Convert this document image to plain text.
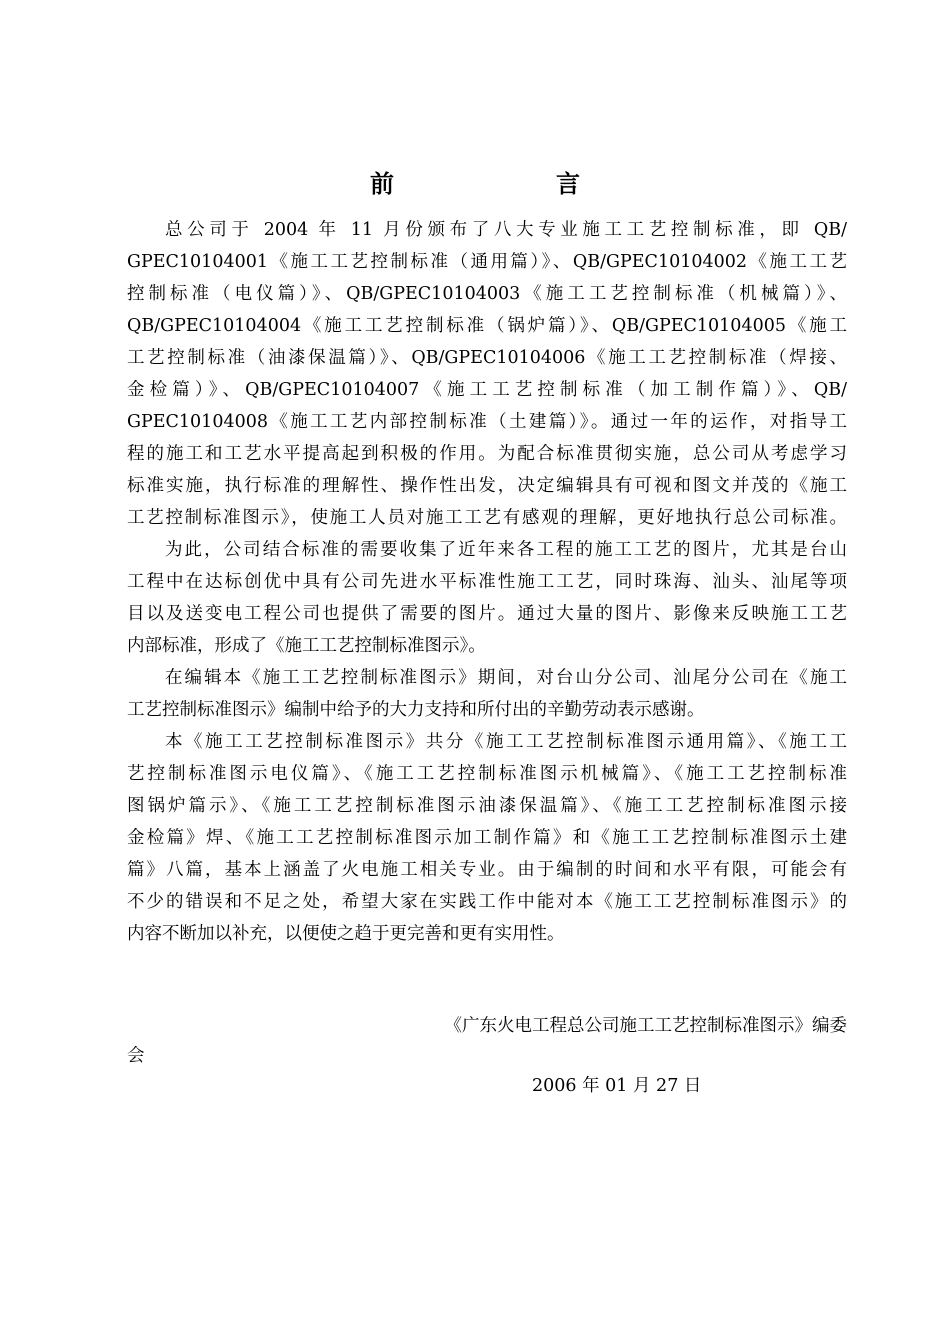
前　　言
总公司于 2004 年 11 月份颁布了八大专业施工工艺控制标准，即 QB/
GPEC10104001《施工工艺控制标准（通用篇）》、QB/GPEC10104002《施工工艺
控制标准（电仪篇）》、QB/GPEC10104003《施工工艺控制标准（机械篇）》、
QB/GPEC10104004《施工工艺控制标准（锅炉篇）》、QB/GPEC10104005《施工
工艺控制标准（油漆保温篇）》、QB/GPEC10104006《施工工艺控制标准（焊接、
金检篇）》、QB/GPEC10104007《施工工艺控制标准（加工制作篇）》、QB/
GPEC10104008《施工工艺内部控制标准（土建篇）》。通过一年的运作，对指导工
程的施工和工艺水平提高起到积极的作用。为配合标准贯彻实施，总公司从考虑学习
标准实施，执行标准的理解性、操作性出发，决定编辑具有可视和图文并茂的《施工
工艺控制标准图示》，使施工人员对施工工艺有感观的理解，更好地执行总公司标准。
为此，公司结合标准的需要收集了近年来各工程的施工工艺的图片，尤其是台山
工程中在达标创优中具有公司先进水平标准性施工工艺，同时珠海、汕头、汕尾等项
目以及送变电工程公司也提供了需要的图片。通过大量的图片、影像来反映施工工艺
内部标准，形成了《施工工艺控制标准图示》。
在编辑本《施工工艺控制标准图示》期间，对台山分公司、汕尾分公司在《施工
工艺控制标准图示》编制中给予的大力支持和所付出的辛勤劳动表示感谢。
本《施工工艺控制标准图示》共分《施工工艺控制标准图示通用篇》、《施工工
艺控制标准图示电仪篇》、《施工工艺控制标准图示机械篇》、《施工工艺控制标准
图锅炉篇示》、《施工工艺控制标准图示油漆保温篇》、《施工工艺控制标准图示接
金检篇》焊、《施工工艺控制标准图示加工制作篇》和《施工工艺控制标准图示土建
篇》八篇，基本上涵盖了火电施工相关专业。由于编制的时间和水平有限，可能会有
不少的错误和不足之处，希望大家在实践工作中能对本《施工工艺控制标准图示》的
内容不断加以补充，以便使之趋于更完善和更有实用性。
《广东火电工程总公司施工工艺控制标准图示》编委
会
2006 年 01 月 27 日
